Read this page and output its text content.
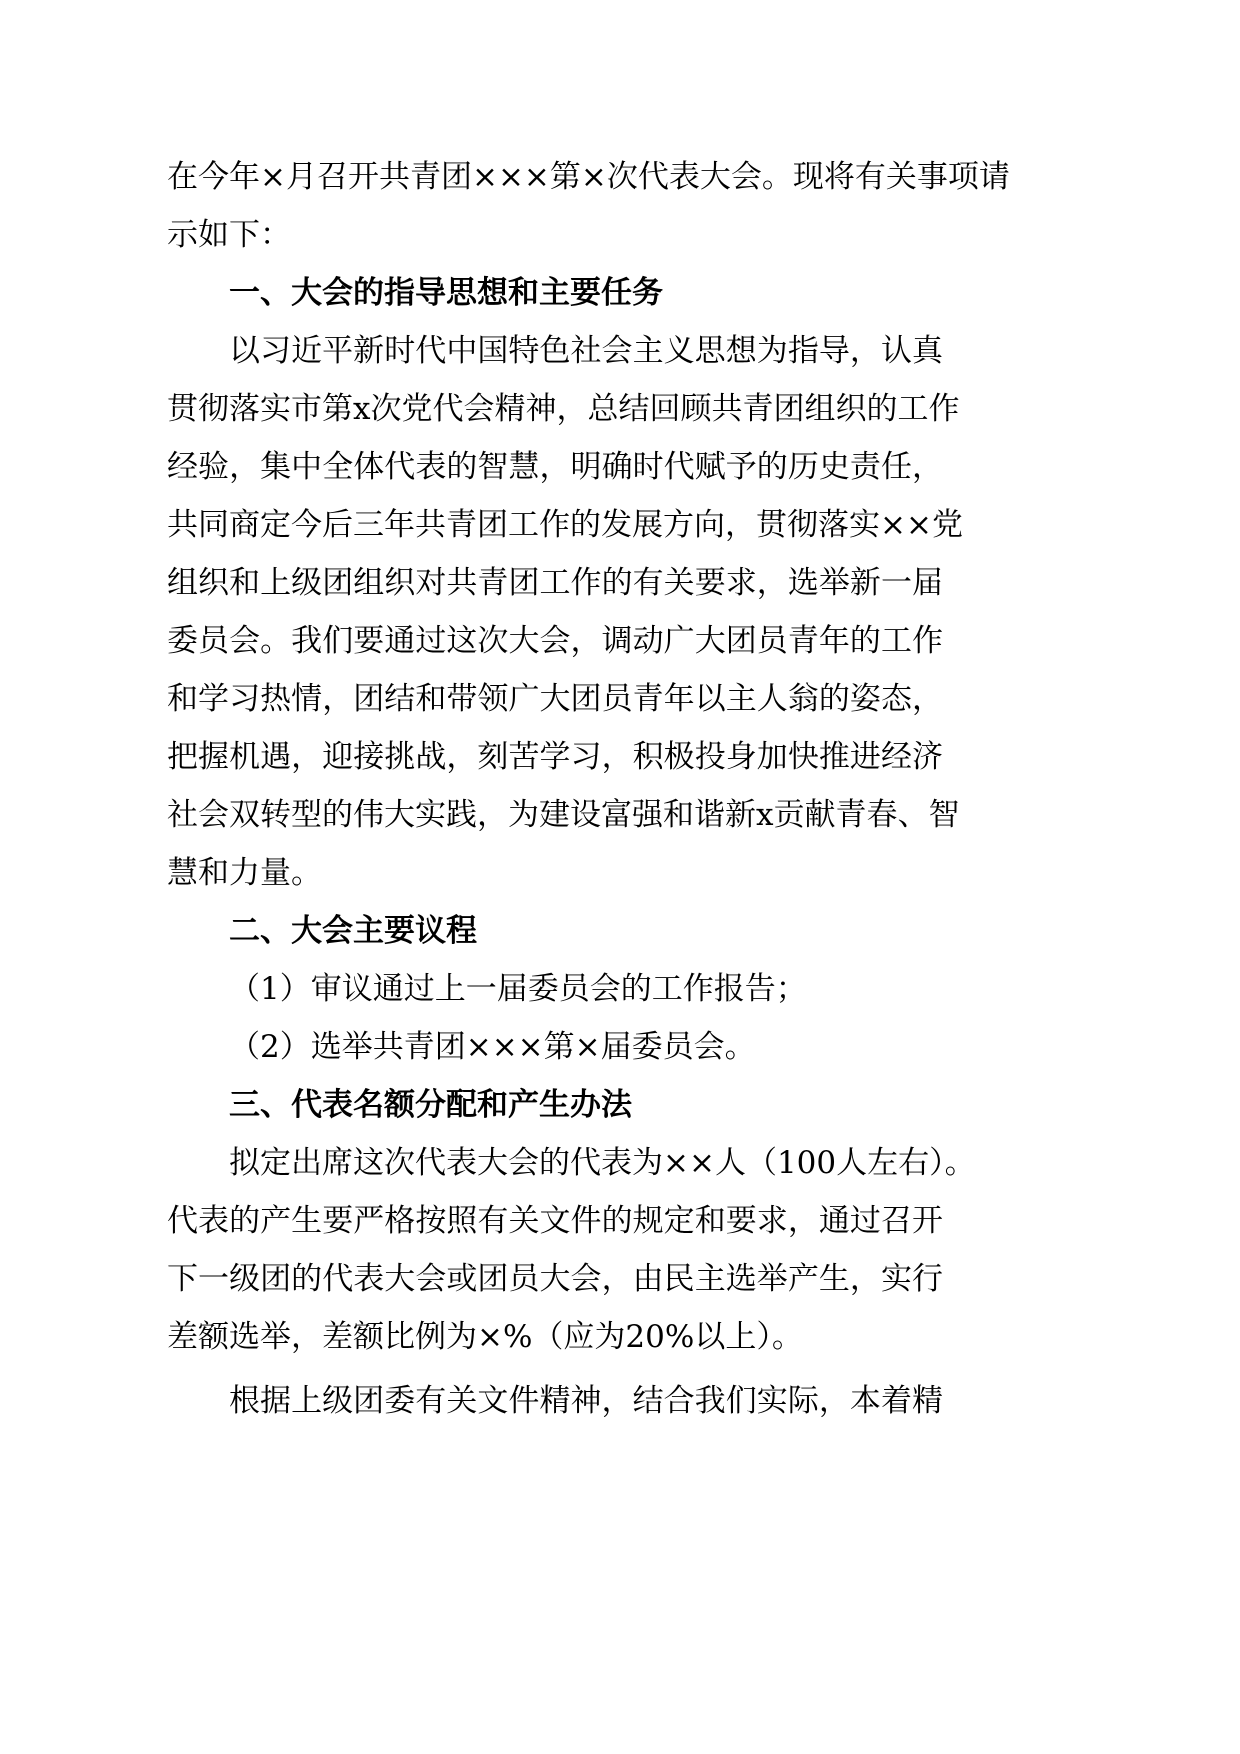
在今年×月召开共青团×××第×次代表大会。现将有关事项请
示如下：
一、大会的指导思想和主要任务
以习近平新时代中国特色社会主义思想为指导，认真
贯彻落实市第x次党代会精神，总结回顾共青团组织的工作
经验，集中全体代表的智慧，明确时代赋予的历史责任，
共同商定今后三年共青团工作的发展方向，贯彻落实××党
组织和上级团组织对共青团工作的有关要求，选举新一届
委员会。我们要通过这次大会，调动广大团员青年的工作
和学习热情，团结和带领广大团员青年以主人翁的姿态，
把握机遇，迎接挑战，刻苦学习，积极投身加快推进经济
社会双转型的伟大实践，为建设富强和谐新x贡献青春、智
慧和力量。
二、大会主要议程
（1）审议通过上一届委员会的工作报告；
（2）选举共青团×××第×届委员会。
三、代表名额分配和产生办法
拟定出席这次代表大会的代表为××人（100人左右）。
代表的产生要严格按照有关文件的规定和要求，通过召开
下一级团的代表大会或团员大会，由民主选举产生，实行
差额选举，差额比例为×%（应为20%以上）。
根据上级团委有关文件精神，结合我们实际，本着精
